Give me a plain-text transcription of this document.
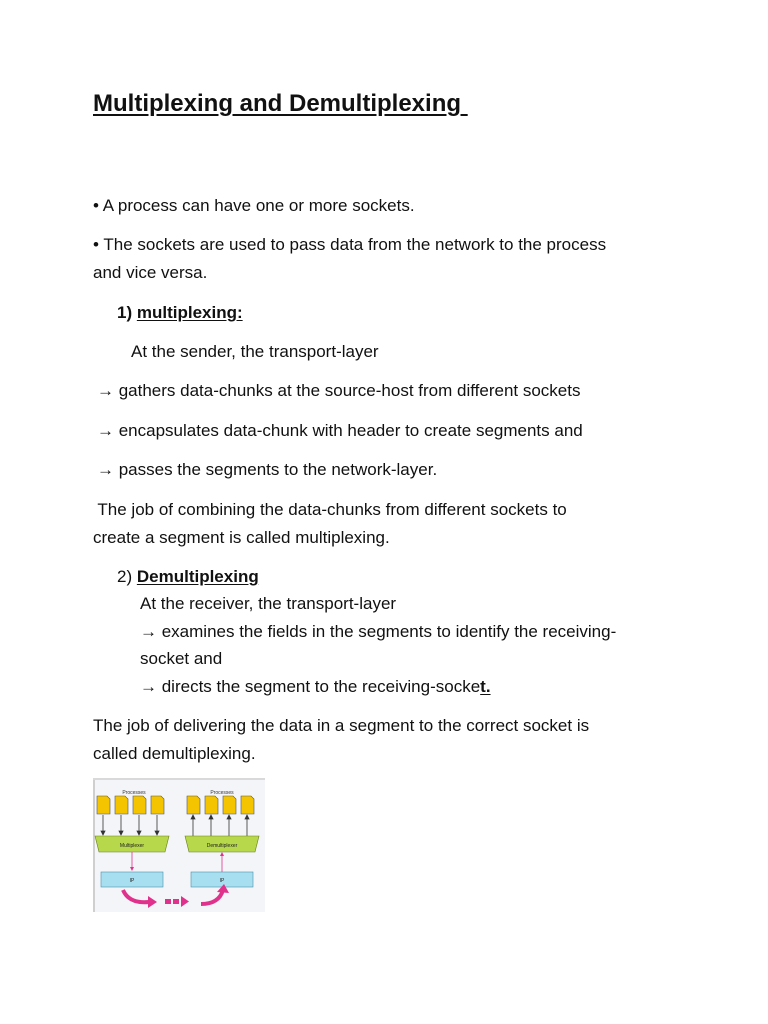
Multiplexing and Demultiplexing
• A process can have one or more sockets.
• The sockets are used to pass data from the network to the process
and vice versa.
1) multiplexing:
At the sender, the transport-layer
→ gathers data-chunks at the source-host from different sockets
→ encapsulates data-chunk with header to create segments and
→ passes the segments to the network-layer.
The job of combining the data-chunks from different sockets to
create a segment is called multiplexing.
2) Demultiplexing
At the receiver, the transport-layer
→ examines the fields in the segments to identify the receiving-
socket and
→ directs the segment to the receiving-socket.
The job of delivering the data in a segment to the correct socket is
called demultiplexing.
Processes	Processes
Multiplexer	Demultiplexer
IP	IP
